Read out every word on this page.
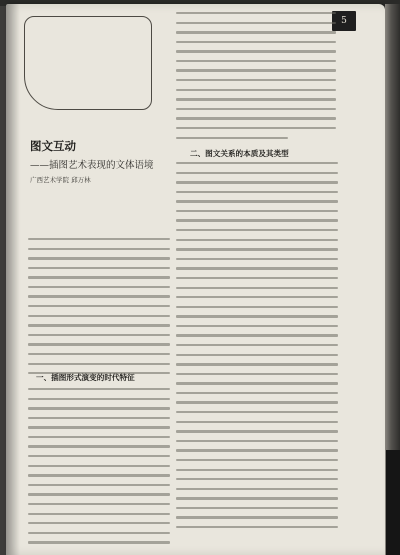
5
图文互动
——插图艺术表现的文体语境
广西艺术学院 邱万林
二、图文关系的本质及其类型
一、插图形式演变的时代特征
